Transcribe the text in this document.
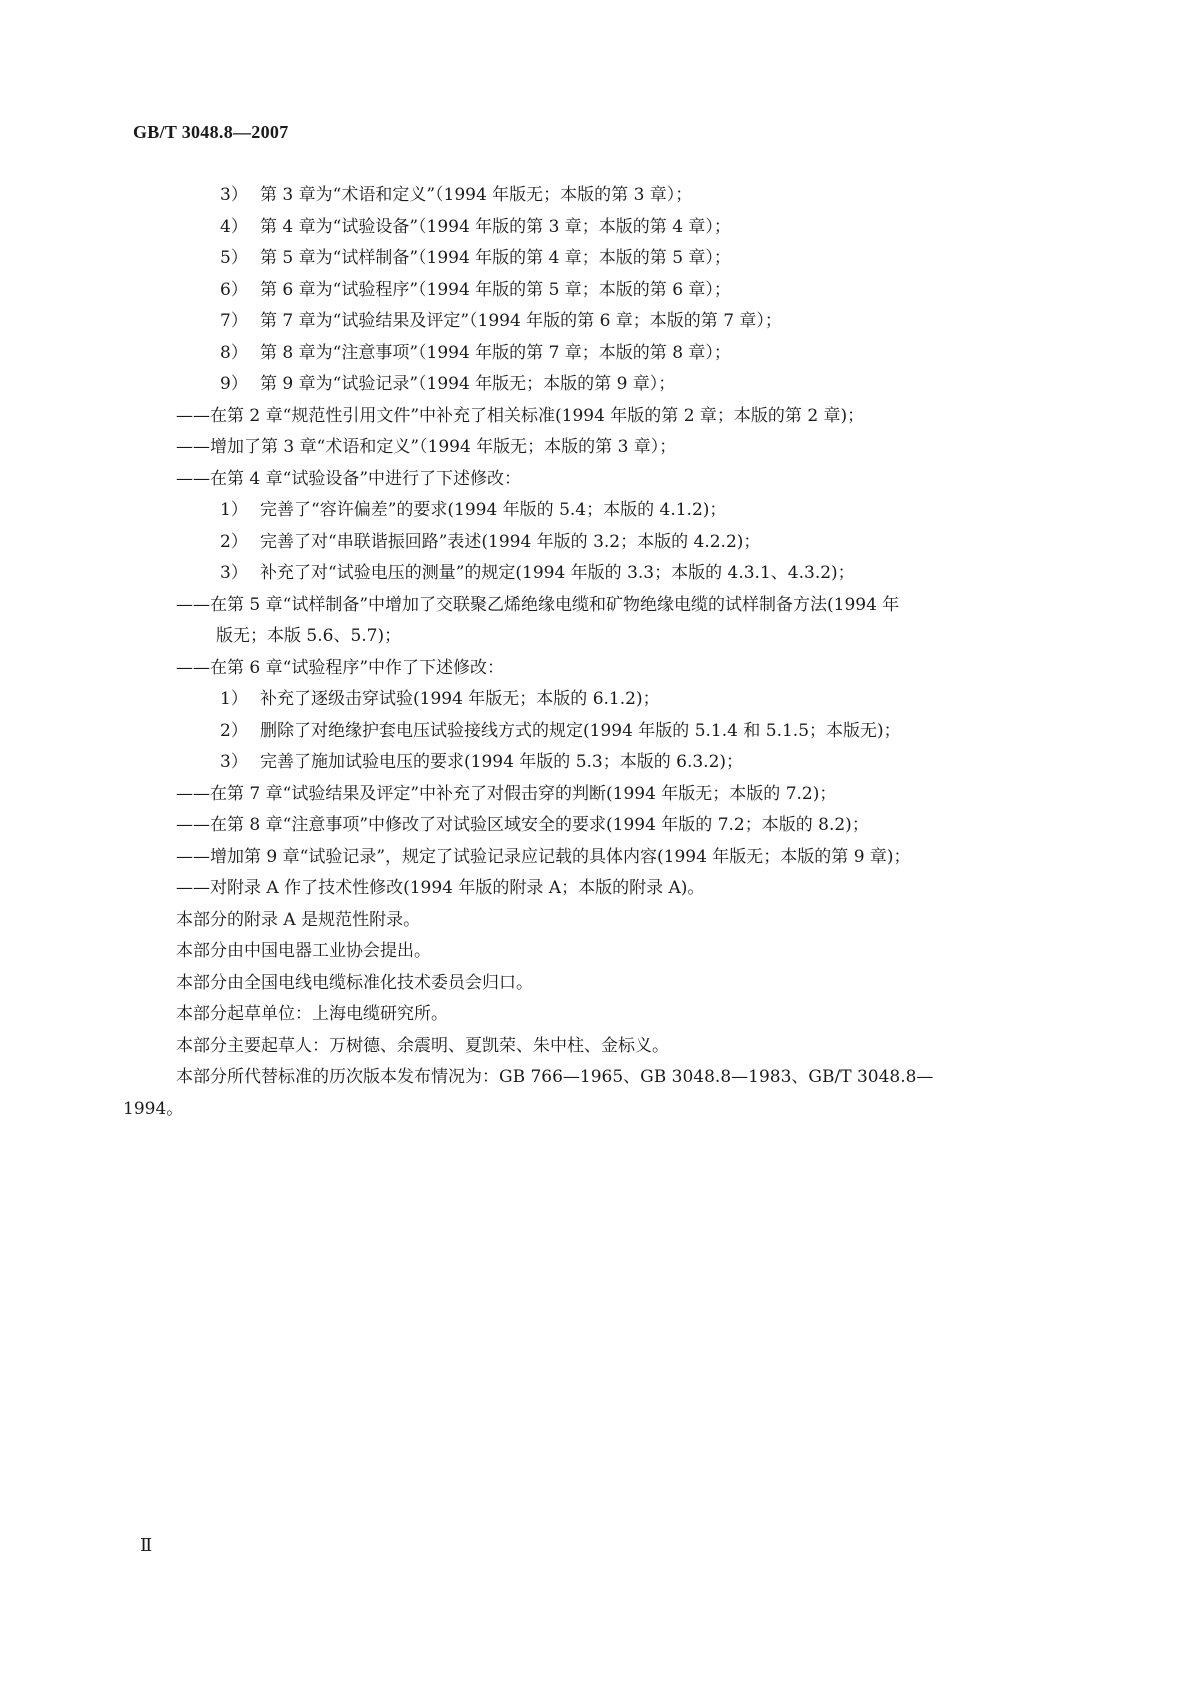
GB/T 3048.8—2007
3） 第 3 章为“术语和定义”（1994 年版无；本版的第 3 章）；
4） 第 4 章为“试验设备”（1994 年版的第 3 章；本版的第 4 章）；
5） 第 5 章为“试样制备”（1994 年版的第 4 章；本版的第 5 章）；
6） 第 6 章为“试验程序”（1994 年版的第 5 章；本版的第 6 章）；
7） 第 7 章为“试验结果及评定”（1994 年版的第 6 章；本版的第 7 章）；
8） 第 8 章为“注意事项”（1994 年版的第 7 章；本版的第 8 章）；
9） 第 9 章为“试验记录”（1994 年版无；本版的第 9 章）；
——在第 2 章“规范性引用文件”中补充了相关标准(1994 年版的第 2 章；本版的第 2 章)；
——增加了第 3 章“术语和定义”（1994 年版无；本版的第 3 章）；
——在第 4 章“试验设备”中进行了下述修改：
1） 完善了“容许偏差”的要求(1994 年版的 5.4；本版的 4.1.2)；
2） 完善了对“串联谐振回路”表述(1994 年版的 3.2；本版的 4.2.2)；
3） 补充了对“试验电压的测量”的规定(1994 年版的 3.3；本版的 4.3.1、4.3.2)；
——在第 5 章“试样制备”中增加了交联聚乙烯绝缘电缆和矿物绝缘电缆的试样制备方法(1994 年
版无；本版 5.6、5.7)；
——在第 6 章“试验程序”中作了下述修改：
1） 补充了逐级击穿试验(1994 年版无；本版的 6.1.2)；
2） 删除了对绝缘护套电压试验接线方式的规定(1994 年版的 5.1.4 和 5.1.5；本版无)；
3） 完善了施加试验电压的要求(1994 年版的 5.3；本版的 6.3.2)；
——在第 7 章“试验结果及评定”中补充了对假击穿的判断(1994 年版无；本版的 7.2)；
——在第 8 章“注意事项”中修改了对试验区域安全的要求(1994 年版的 7.2；本版的 8.2)；
——增加第 9 章“试验记录”，规定了试验记录应记载的具体内容(1994 年版无；本版的第 9 章)；
——对附录 A 作了技术性修改(1994 年版的附录 A；本版的附录 A)。
本部分的附录 A 是规范性附录。
本部分由中国电器工业协会提出。
本部分由全国电线电缆标准化技术委员会归口。
本部分起草单位：上海电缆研究所。
本部分主要起草人：万树德、余震明、夏凯荣、朱中柱、金标义。
本部分所代替标准的历次版本发布情况为：GB 766—1965、GB 3048.8—1983、GB/T 3048.8—
1994。
Ⅱ
